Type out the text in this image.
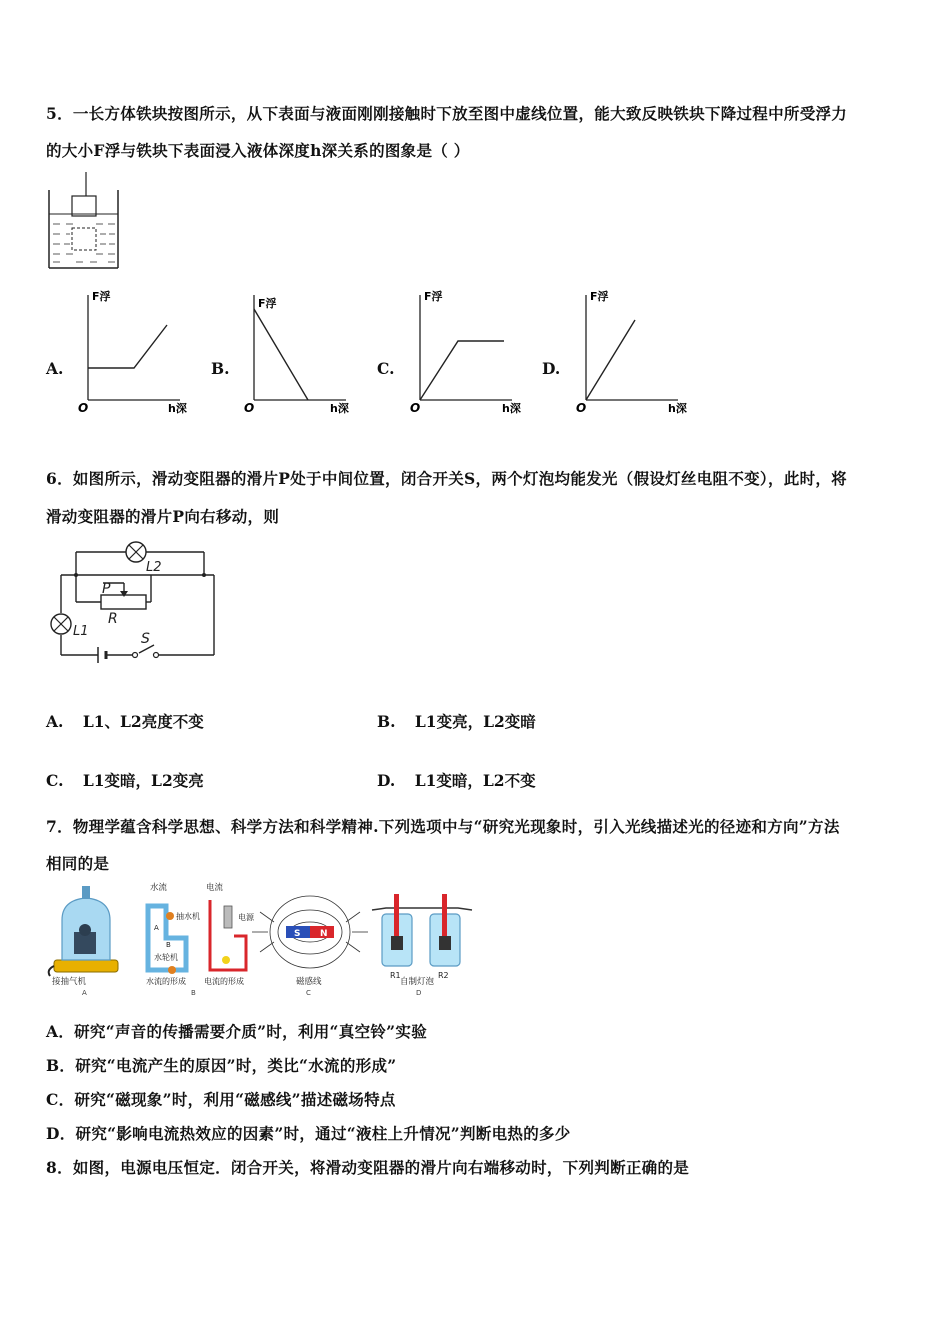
5．一长方体铁块按图所示，从下表面与液面刚刚接触时下放至图中虚线位置，能大致反映铁块下降过程中所受浮力
的大小F浮与铁块下表面浸入液体深度h深关系的图象是（ ）
A.	B.	C.	D.
F浮
O	h深
F浮
O	h深
F浮
O	h深
F浮
O	h深
6．如图所示，滑动变阻器的滑片P处于中间位置，闭合开关S，两个灯泡均能发光（假设灯丝电阻不变），此时，将
滑动变阻器的滑片P向右移动，则
L2
P
R
L1	S
A. L1、L2亮度不变	B. L1变亮，L2变暗
C. L1变暗，L2变亮	D. L1变暗，L2不变
7．物理学蕴含科学思想、科学方法和科学精神.下列选项中与“研究光现象时，引入光线描述光的径迹和方向”方法
相同的是
接抽气机
A
水流	电流
抽水机
A
B
水轮机
电源
水流的形成 电流的形成
B
S N
磁感线
C
R1	R2
自制灯泡
D
A．研究“声音的传播需要介质”时，利用“真空铃”实验
B．研究“电流产生的原因”时，类比“水流的形成”
C．研究“磁现象”时，利用“磁感线”描述磁场特点
D．研究“影响电流热效应的因素”时，通过“液柱上升情况”判断电热的多少
8．如图，电源电压恒定．闭合开关，将滑动变阻器的滑片向右端移动时，下列判断正确的是
